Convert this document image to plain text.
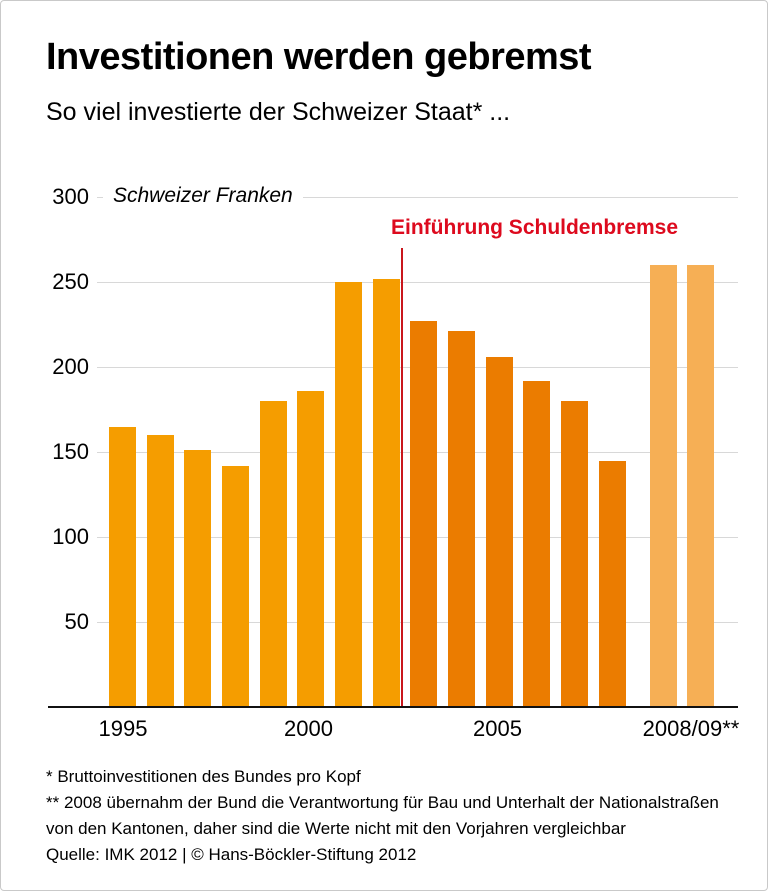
Investitionen werden gebremst

So viel investierte der Schweizer Staat* ...

Schweizer Franken
Einführung Schuldenbremse
300
250
200
150
100
50
1995	2000	2005	2008/09**
* Bruttoinvestitionen des Bundes pro Kopf
** 2008 übernahm der Bund die Verantwortung für Bau und Unterhalt der Nationalstraßen
von den Kantonen, daher sind die Werte nicht mit den Vorjahren vergleichbar
Quelle: IMK 2012 | © Hans-Böckler-Stiftung 2012
